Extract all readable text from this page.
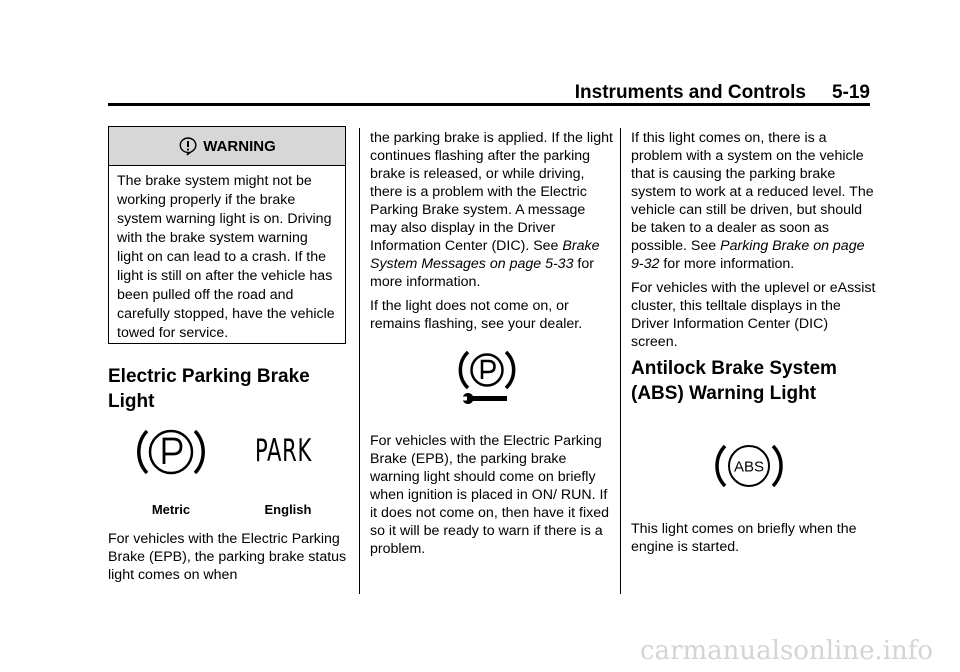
Instruments and Controls 5-19
WARNING
The brake system might not be working properly if the brake system warning light is on. Driving with the brake system warning light on can lead to a crash. If the light is still on after the vehicle has been pulled off the road and carefully stopped, have the vehicle towed for service.
Electric Parking Brake Light
PARK
Metric	English
For vehicles with the Electric Parking Brake (EPB), the parking brake status light comes on when

the parking brake is applied. If the light continues flashing after the parking brake is released, or while driving, there is a problem with the Electric Parking Brake system. A message may also display in the Driver Information Center (DIC). See Brake System Messages on page 5-33 for more information.

If the light does not come on, or remains flashing, see your dealer.

For vehicles with the Electric Parking Brake (EPB), the parking brake warning light should come on briefly when ignition is placed in ON/ RUN. If it does not come on, then have it fixed so it will be ready to warn if there is a problem.

If this light comes on, there is a problem with a system on the vehicle that is causing the parking brake system to work at a reduced level. The vehicle can still be driven, but should be taken to a dealer as soon as possible. See Parking Brake on page 9-32 for more information.

For vehicles with the uplevel or eAssist cluster, this telltale displays in the Driver Information Center (DIC) screen.

Antilock Brake System (ABS) Warning Light
ABS
This light comes on briefly when the engine is started.
carmanualsonline.info
